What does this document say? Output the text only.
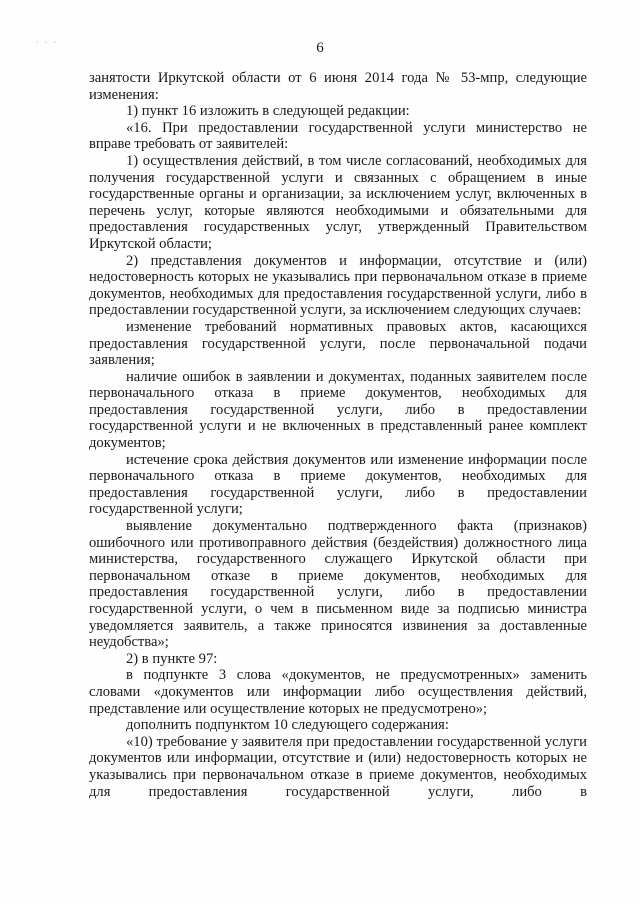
· · ·	6

занятости Иркутской области от 6 июня 2014 года № 53-мпр, следующие изменения:

1) пункт 16 изложить в следующей редакции:

«16. При предоставлении государственной услуги министерство не вправе требовать от заявителей:

1) осуществления действий, в том числе согласований, необходимых для получения государственной услуги и связанных с обращением в иные государственные органы и организации, за исключением услуг, включенных в перечень услуг, которые являются необходимыми и обязательными для предоставления государственных услуг, утвержденный Правительством Иркутской области;

2) представления документов и информации, отсутствие и (или) недостоверность которых не указывались при первоначальном отказе в приеме документов, необходимых для предоставления государственной услуги, либо в предоставлении государственной услуги, за исключением следующих случаев:

изменение требований нормативных правовых актов, касающихся предоставления государственной услуги, после первоначальной подачи заявления;

наличие ошибок в заявлении и документах, поданных заявителем после первоначального отказа в приеме документов, необходимых для предоставления государственной услуги, либо в предоставлении государственной услуги и не включенных в представленный ранее комплект документов;

истечение срока действия документов или изменение информации после первоначального отказа в приеме документов, необходимых для предоставления государственной услуги, либо в предоставлении государственной услуги;

выявление документально подтвержденного факта (признаков) ошибочного или противоправного действия (бездействия) должностного лица министерства, государственного служащего Иркутской области при первоначальном отказе в приеме документов, необходимых для предоставления государственной услуги, либо в предоставлении государственной услуги, о чем в письменном виде за подписью министра уведомляется заявитель, а также приносятся извинения за доставленные неудобства»;

2) в пункте 97:

в подпункте 3 слова «документов, не предусмотренных» заменить словами «документов или информации либо осуществления действий, представление или осуществление которых не предусмотрено»;

дополнить подпунктом 10 следующего содержания:

«10) требование у заявителя при предоставлении государственной услуги документов или информации, отсутствие и (или) недостоверность которых не указывались при первоначальном отказе в приеме документов, необходимых для предоставления государственной услуги, либо в
